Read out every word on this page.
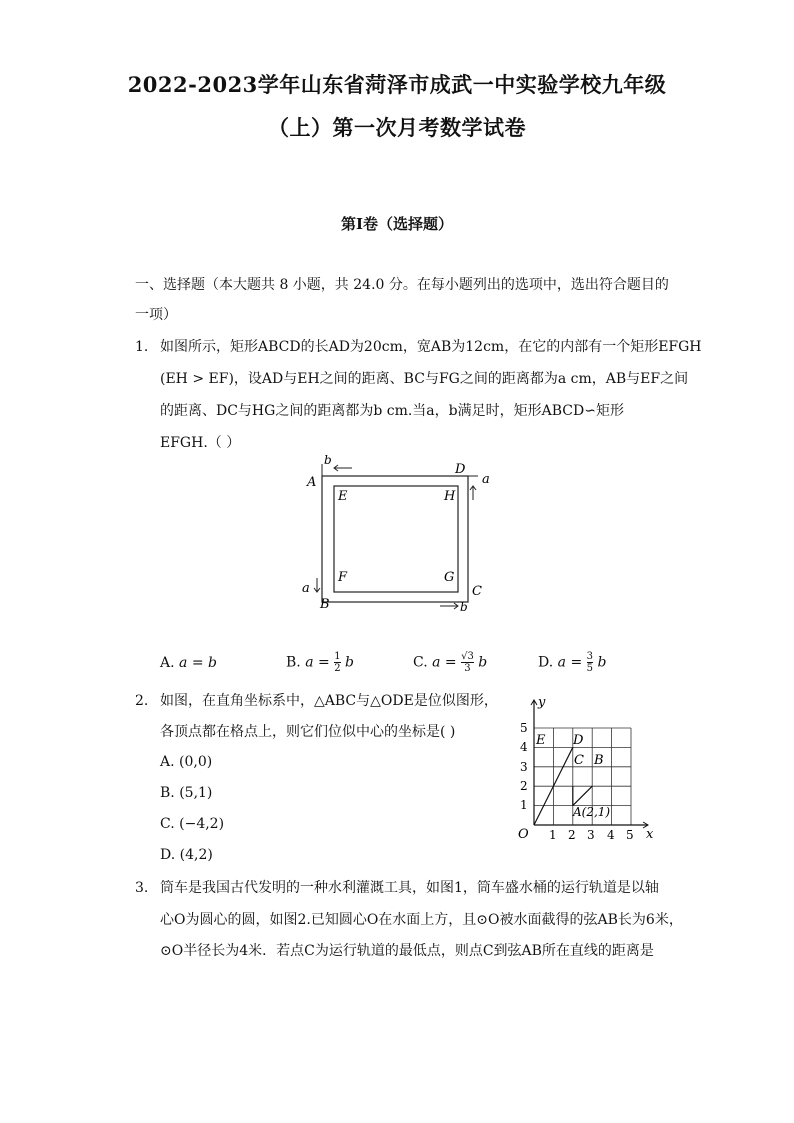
2022-2023学年山东省菏泽市成武一中实验学校九年级
（上）第一次月考数学试卷
第I卷（选择题）
一、选择题（本大题共 8 小题，共 24.0 分。在每小题列出的选项中，选出符合题目的
一项）
1. 如图所示，矩形ABCD的长AD为20cm，宽AB为12cm，在它的内部有一个矩形EFGH
(EH > EF)，设AD与EH之间的距离、BC与FG之间的距离都为a cm，AB与EF之间
的距离、DC与HG之间的距离都为b cm.当a，b满足时，矩形ABCD∽矩形
EFGH.（ ）
b
A
D
a
E	H
F	G
a
B
C
b
A. a = b	B. $a = \frac{1}{2}$ b	C. $a = \frac{√3}{3}$ b	D. $a = \frac{3}{5}$ b
2. 如图，在直角坐标系中，△ABC与△ODE是位似图形，
各顶点都在格点上，则它们位似中心的坐标是( )
A. (0,0)
B. (5,1)
C. (−4,2)
D. (4,2)
y
x
O 1 2 3 4 5
1
2
3
4
5
E D
C B
A(2,1)
3. 筒车是我国古代发明的一种水利灌溉工具，如图1，筒车盛水桶的运行轨道是以轴
心O为圆心的圆，如图2.已知圆心O在水面上方，且⊙O被水面截得的弦AB长为6米，
⊙O半径长为4米．若点C为运行轨道的最低点，则点C到弦AB所在直线的距离是
